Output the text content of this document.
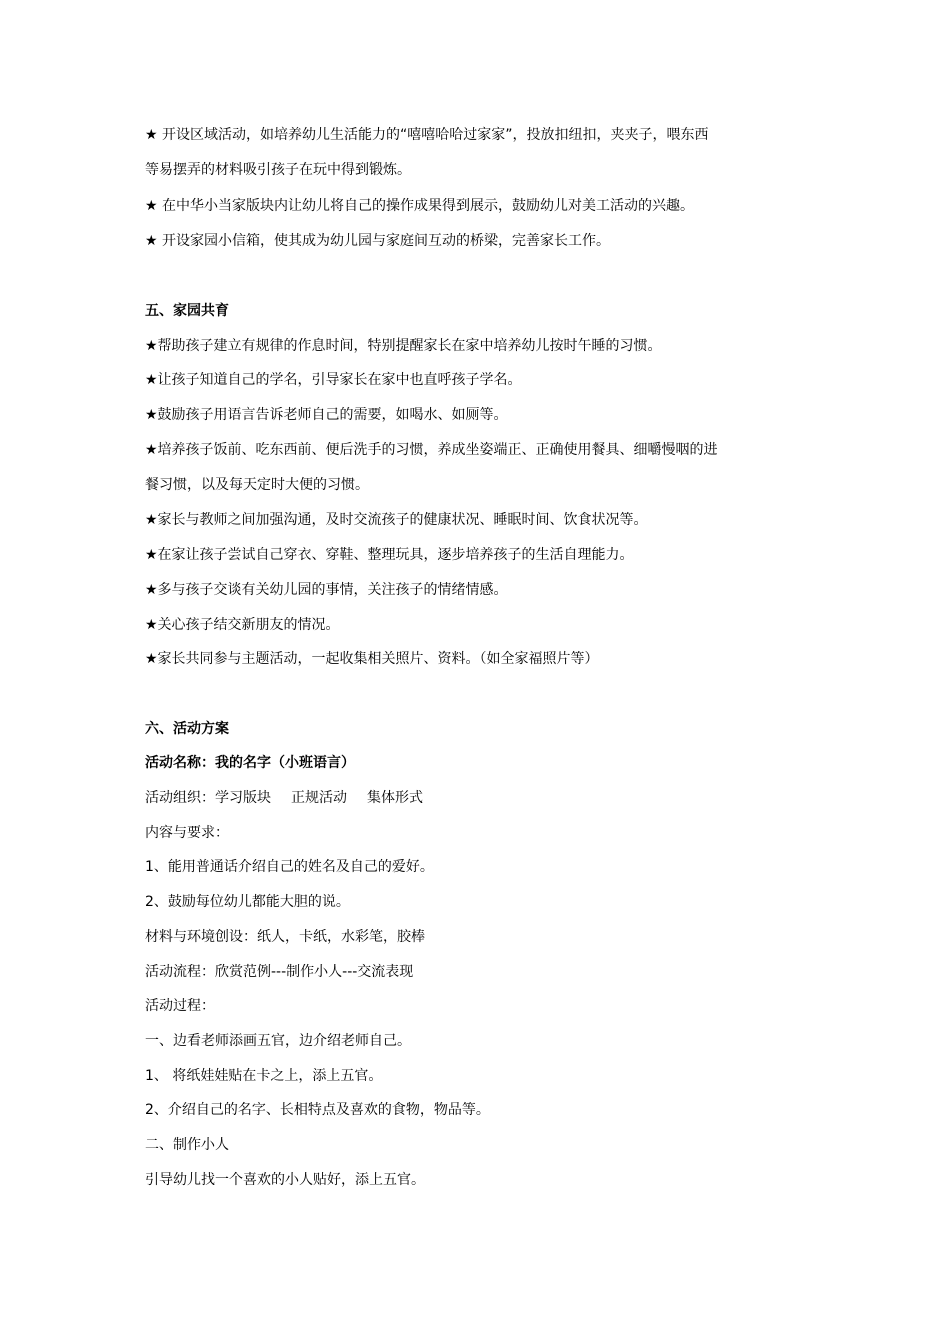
★ 开设区域活动，如培养幼儿生活能力的“嘻嘻哈哈过家家”，投放扣纽扣，夹夹子，喂东西
等易摆弄的材料吸引孩子在玩中得到锻炼。
★ 在中华小当家版块内让幼儿将自己的操作成果得到展示，鼓励幼儿对美工活动的兴趣。
★ 开设家园小信箱，使其成为幼儿园与家庭间互动的桥梁，完善家长工作。
五、家园共育
★帮助孩子建立有规律的作息时间，特别提醒家长在家中培养幼儿按时午睡的习惯。
★让孩子知道自己的学名，引导家长在家中也直呼孩子学名。
★鼓励孩子用语言告诉老师自己的需要，如喝水、如厕等。
★培养孩子饭前、吃东西前、便后洗手的习惯，养成坐姿端正、正确使用餐具、细嚼慢咽的进
餐习惯，以及每天定时大便的习惯。
★家长与教师之间加强沟通，及时交流孩子的健康状况、睡眠时间、饮食状况等。
★在家让孩子尝试自己穿衣、穿鞋、整理玩具，逐步培养孩子的生活自理能力。
★多与孩子交谈有关幼儿园的事情，关注孩子的情绪情感。
★关心孩子结交新朋友的情况。
★家长共同参与主题活动，一起收集相关照片、资料。（如全家福照片等）
六、活动方案
活动名称：我的名字（小班语言）
活动组织：学习版块 正规活动 集体形式
内容与要求：
1、能用普通话介绍自己的姓名及自己的爱好。
2、鼓励每位幼儿都能大胆的说。
材料与环境创设：纸人，卡纸，水彩笔，胶棒
活动流程：欣赏范例---制作小人---交流表现
活动过程：
一、边看老师添画五官，边介绍老师自己。
1、 将纸娃娃贴在卡之上，添上五官。
2、介绍自己的名字、长相特点及喜欢的食物，物品等。
二、制作小人
引导幼儿找一个喜欢的小人贴好，添上五官。
